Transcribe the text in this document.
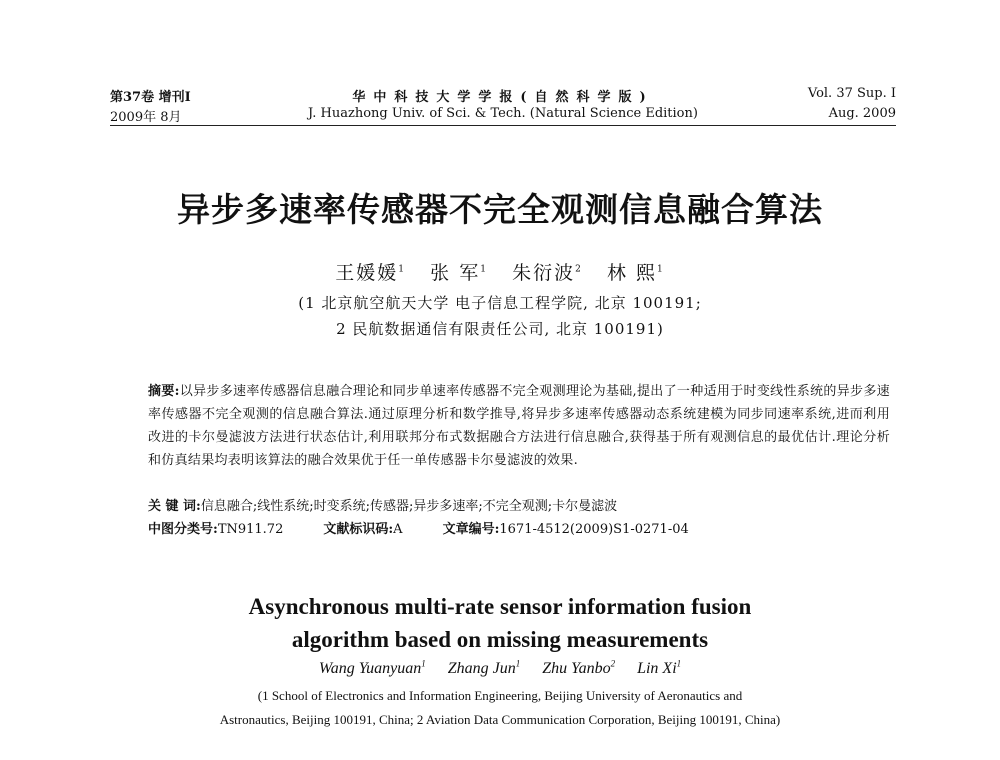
第37卷 增刊Ⅰ	华中科技大学学报(自然科学版)	Vol. 37 Sup. Ⅰ
2009年 8月	J. Huazhong Univ. of Sci. & Tech. (Natural Science Edition)	Aug. 2009
异步多速率传感器不完全观测信息融合算法
王媛媛$^1$ 张 军$^1$ 朱衍波$^2$ 林 熙$^1$
(1 北京航空航天大学 电子信息工程学院, 北京 100191;
2 民航数据通信有限责任公司, 北京 100191)
摘要:以异步多速率传感器信息融合理论和同步单速率传感器不完全观测理论为基础,提出了一种适用于时变线性系统的异步多速率传感器不完全观测的信息融合算法.通过原理分析和数学推导,将异步多速率传感器动态系统建模为同步同速率系统,进而利用改进的卡尔曼滤波方法进行状态估计,利用联邦分布式数据融合方法进行信息融合,获得基于所有观测信息的最优估计.理论分析和仿真结果均表明该算法的融合效果优于任一单传感器卡尔曼滤波的效果.
关 键 词:信息融合;线性系统;时变系统;传感器;异步多速率;不完全观测;卡尔曼滤波
中图分类号:TN911.72	文献标识码:A	文章编号:1671-4512(2009)S1-0271-04
Asynchronous multi-rate sensor information fusion
algorithm based on missing measurements
Wang Yuanyuan$^1$ Zhang Jun$^1$ Zhu Yanbo$^2$ Lin Xi$^1$
(1 School of Electronics and Information Engineering, Beijing University of Aeronautics and
Astronautics, Beijing 100191, China; 2 Aviation Data Communication Corporation, Beijing 100191, China)
